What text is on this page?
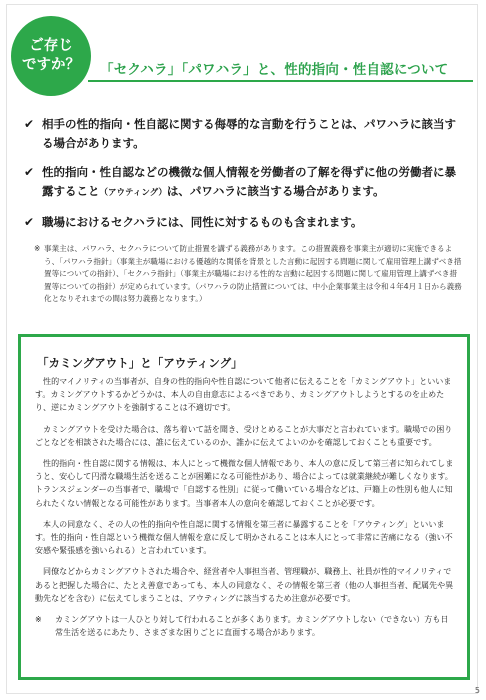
ご存じ
ですか？ 「セクハラ」「パワハラ」と、性的指向・性自認について
✔ 相手の性的指向・性自認に関する侮辱的な言動を行うことは、パワハラに該当する場合があります。
✔ 性的指向・性自認などの機微な個人情報を労働者の了解を得ずに他の労働者に暴露すること（アウティング）は、パワハラに該当する場合があります。
✔ 職場におけるセクハラには、同性に対するものも含まれます。
※ 事業主は、パワハラ、セクハラについて防止措置を講ずる義務があります。この措置義務を事業主が適切に実施できるよう、「パワハラ指針」（事業主が職場における優越的な関係を背景とした言動に起因する問題に関して雇用管理上講ずべき措置等についての指針）、「セクハラ指針」（事業主が職場における性的な言動に起因する問題に関して雇用管理上講ずべき措置等についての指針）が定められています。（パワハラの防止措置については、中小企業事業主は令和４年4月１日から義務化となりそれまでの間は努力義務となります。）
「カミングアウト」と「アウティング」

性的マイノリティの当事者が、自身の性的指向や性自認について他者に伝えることを「カミングアウト」といいます。カミングアウトするかどうかは、本人の自由意志によるべきであり、カミングアウトしようとするのを止めたり、逆にカミングアウトを強制することは不適切です。

カミングアウトを受けた場合は、落ち着いて話を聞き、受けとめることが大事だと言われています。職場での困りごとなどを相談された場合には、誰に伝えているのか、誰かに伝えてよいのかを確認しておくことも重要です。

性的指向・性自認に関する情報は、本人にとって機微な個人情報であり、本人の意に反して第三者に知られてしまうと、安心して円滑な職場生活を送ることが困難になる可能性があり、場合によっては就業継続が難しくなります。トランスジェンダーの当事者で、職場で「自認する性別」に従って働いている場合などは、戸籍上の性別も他人に知られたくない情報となる可能性があります。当事者本人の意向を確認しておくことが必要です。

本人の同意なく、その人の性的指向や性自認に関する情報を第三者に暴露することを「アウティング」といいます。性的指向・性自認という機微な個人情報を意に反して明かされることは本人にとって非常に苦痛になる（強い不安感や緊張感を強いられる）と言われています。

同僚などからカミングアウトされた場合や、経営者や人事担当者、管理職が、職務上、社員が性的マイノリティであると把握した場合に、たとえ善意であっても、本人の同意なく、その情報を第三者（他の人事担当者、配属先や異動先などを含む）に伝えてしまうことは、アウティングに該当するため注意が必要です。

※	カミングアウトは一人ひとり対して行われることが多くあります。カミングアウトしない（できない）方も日常生活を送るにあたり、さまざまな困りごとに直面する場合があります。

5
